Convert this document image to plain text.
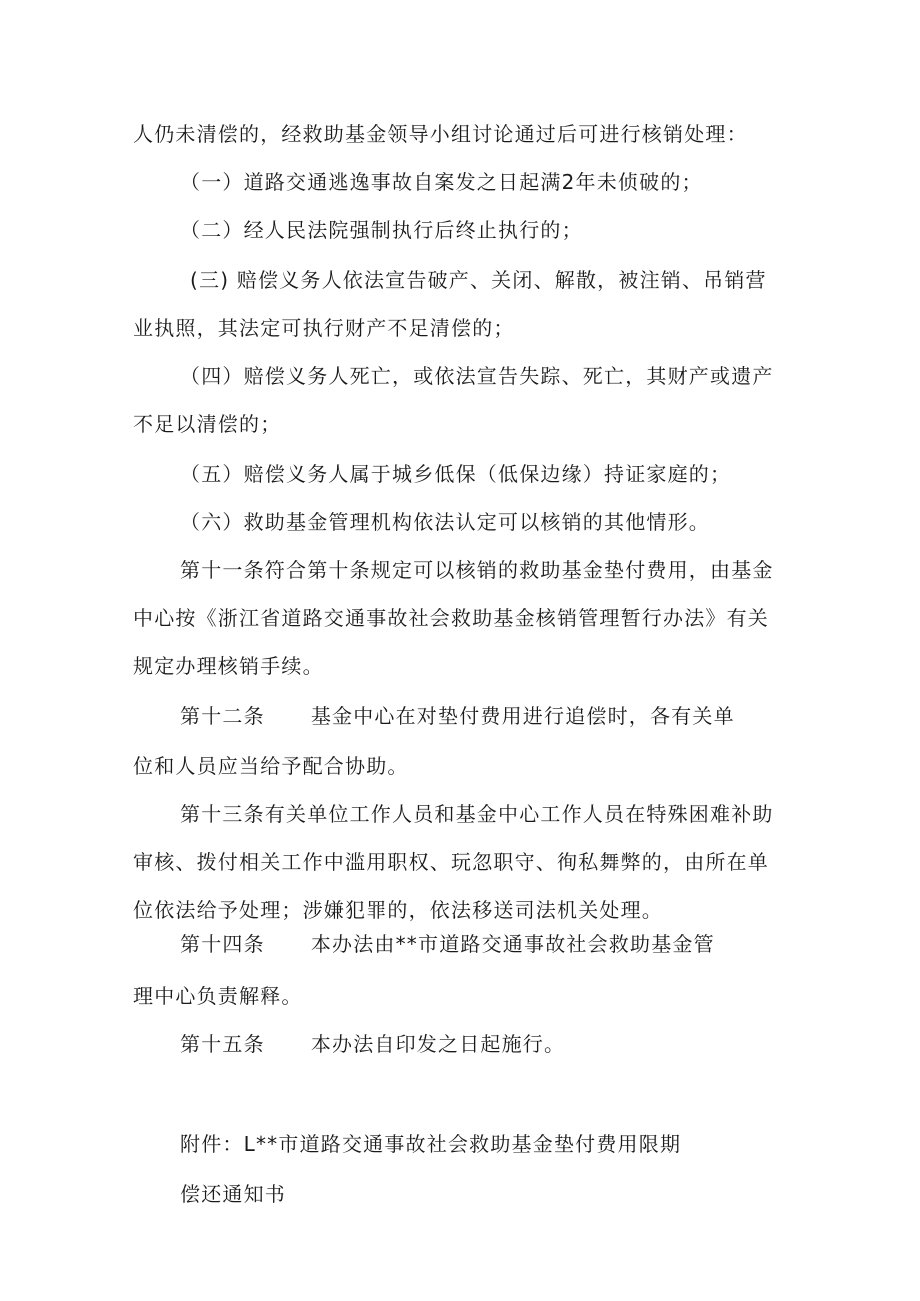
人仍未清偿的，经救助基金领导小组讨论通过后可进行核销处理：
（一）道路交通逃逸事故自案发之日起满2年未侦破的；
（二）经人民法院强制执行后终止执行的；
(三) 赔偿义务人依法宣告破产、关闭、解散，被注销、吊销营
业执照，其法定可执行财产不足清偿的；
（四）赔偿义务人死亡，或依法宣告失踪、死亡，其财产或遗产
不足以清偿的；
（五）赔偿义务人属于城乡低保（低保边缘）持证家庭的；
（六）救助基金管理机构依法认定可以核销的其他情形。
第十一条符合第十条规定可以核销的救助基金垫付费用，由基金
中心按《浙江省道路交通事故社会救助基金核销管理暂行办法》有关
规定办理核销手续。
第十二条 基金中心在对垫付费用进行追偿时，各有关单
位和人员应当给予配合协助。
第十三条有关单位工作人员和基金中心工作人员在特殊困难补助
审核、拨付相关工作中滥用职权、玩忽职守、徇私舞弊的，由所在单
位依法给予处理；涉嫌犯罪的，依法移送司法机关处理。
第十四条 本办法由**市道路交通事故社会救助基金管
理中心负责解释。
第十五条 本办法自印发之日起施行。
附件：L**市道路交通事故社会救助基金垫付费用限期
偿还通知书
